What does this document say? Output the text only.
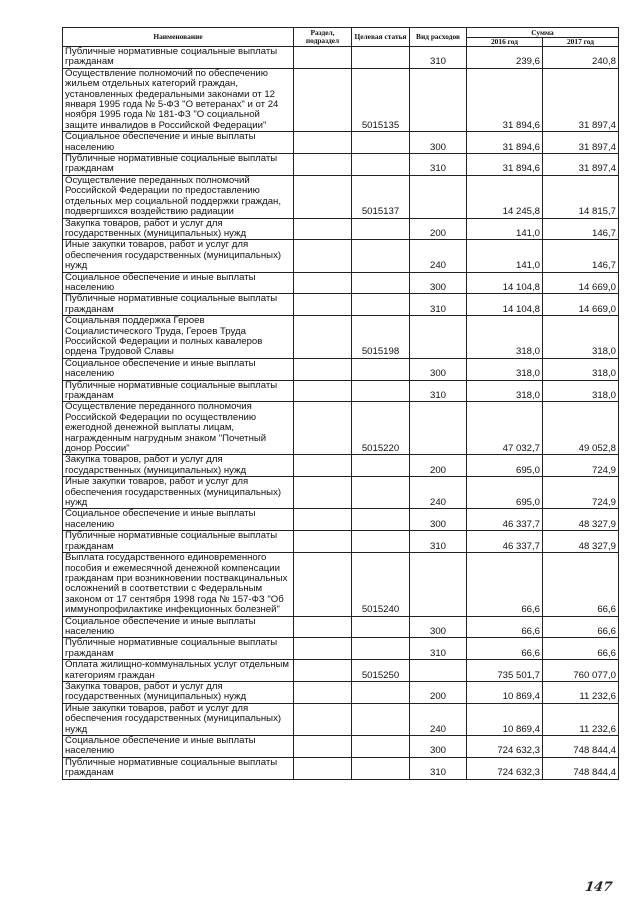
Наименование	Раздел, подраздел	Целевая статья	Вид расходов	Сумма	
				2016 год	2017 год
Публичные нормативные социальные выплаты гражданам			310	239,6	240,8
Осуществление полномочий по обеспечению жильем отдельных категорий граждан, установленных федеральными законами от 12 января 1995 года № 5-ФЗ "О ветеранах" и от 24 ноября 1995 года № 181-ФЗ "О социальной защите инвалидов в Российской Федерации"		5015135		31 894,6	31 897,4
Социальное обеспечение и иные выплаты населению			300	31 894,6	31 897,4
Публичные нормативные социальные выплаты гражданам			310	31 894,6	31 897,4
Осуществление переданных полномочий Российской Федерации по предоставлению отдельных мер социальной поддержки граждан, подвергшихся воздействию радиации		5015137		14 245,8	14 815,7
Закупка товаров, работ и услуг для государственных (муниципальных) нужд			200	141,0	146,7
Иные закупки товаров, работ и услуг для обеспечения государственных (муниципальных) нужд			240	141,0	146,7
Социальное обеспечение и иные выплаты населению			300	14 104,8	14 669,0
Публичные нормативные социальные выплаты гражданам			310	14 104,8	14 669,0
Социальная поддержка Героев Социалистического Труда, Героев Труда Российской Федерации и полных кавалеров ордена Трудовой Славы		5015198		318,0	318,0
Социальное обеспечение и иные выплаты населению			300	318,0	318,0
Публичные нормативные социальные выплаты гражданам			310	318,0	318,0
Осуществление переданного полномочия Российской Федерации по осуществлению ежегодной денежной выплаты лицам, награжденным нагрудным знаком "Почетный донор России"		5015220		47 032,7	49 052,8
Закупка товаров, работ и услуг для государственных (муниципальных) нужд			200	695,0	724,9
Иные закупки товаров, работ и услуг для обеспечения государственных (муниципальных) нужд			240	695,0	724,9
Социальное обеспечение и иные выплаты населению			300	46 337,7	48 327,9
Публичные нормативные социальные выплаты гражданам			310	46 337,7	48 327,9
Выплата государственного единовременного пособия и ежемесячной денежной компенсации гражданам при возникновении поствакцинальных осложнений в соответствии с Федеральным законом от 17 сентября 1998 года № 157-ФЗ "Об иммунопрофилактике инфекционных болезней"		5015240		66,6	66,6
Социальное обеспечение и иные выплаты населению			300	66,6	66,6
Публичные нормативные социальные выплаты гражданам			310	66,6	66,6
Оплата жилищно-коммунальных услуг отдельным категориям граждан		5015250		735 501,7	760 077,0
Закупка товаров, работ и услуг для государственных (муниципальных) нужд			200	10 869,4	11 232,6
Иные закупки товаров, работ и услуг для обеспечения государственных (муниципальных) нужд			240	10 869,4	11 232,6
Социальное обеспечение и иные выплаты населению			300	724 632,3	748 844,4
Публичные нормативные социальные выплаты гражданам			310	724 632,3	748 844,4
147
